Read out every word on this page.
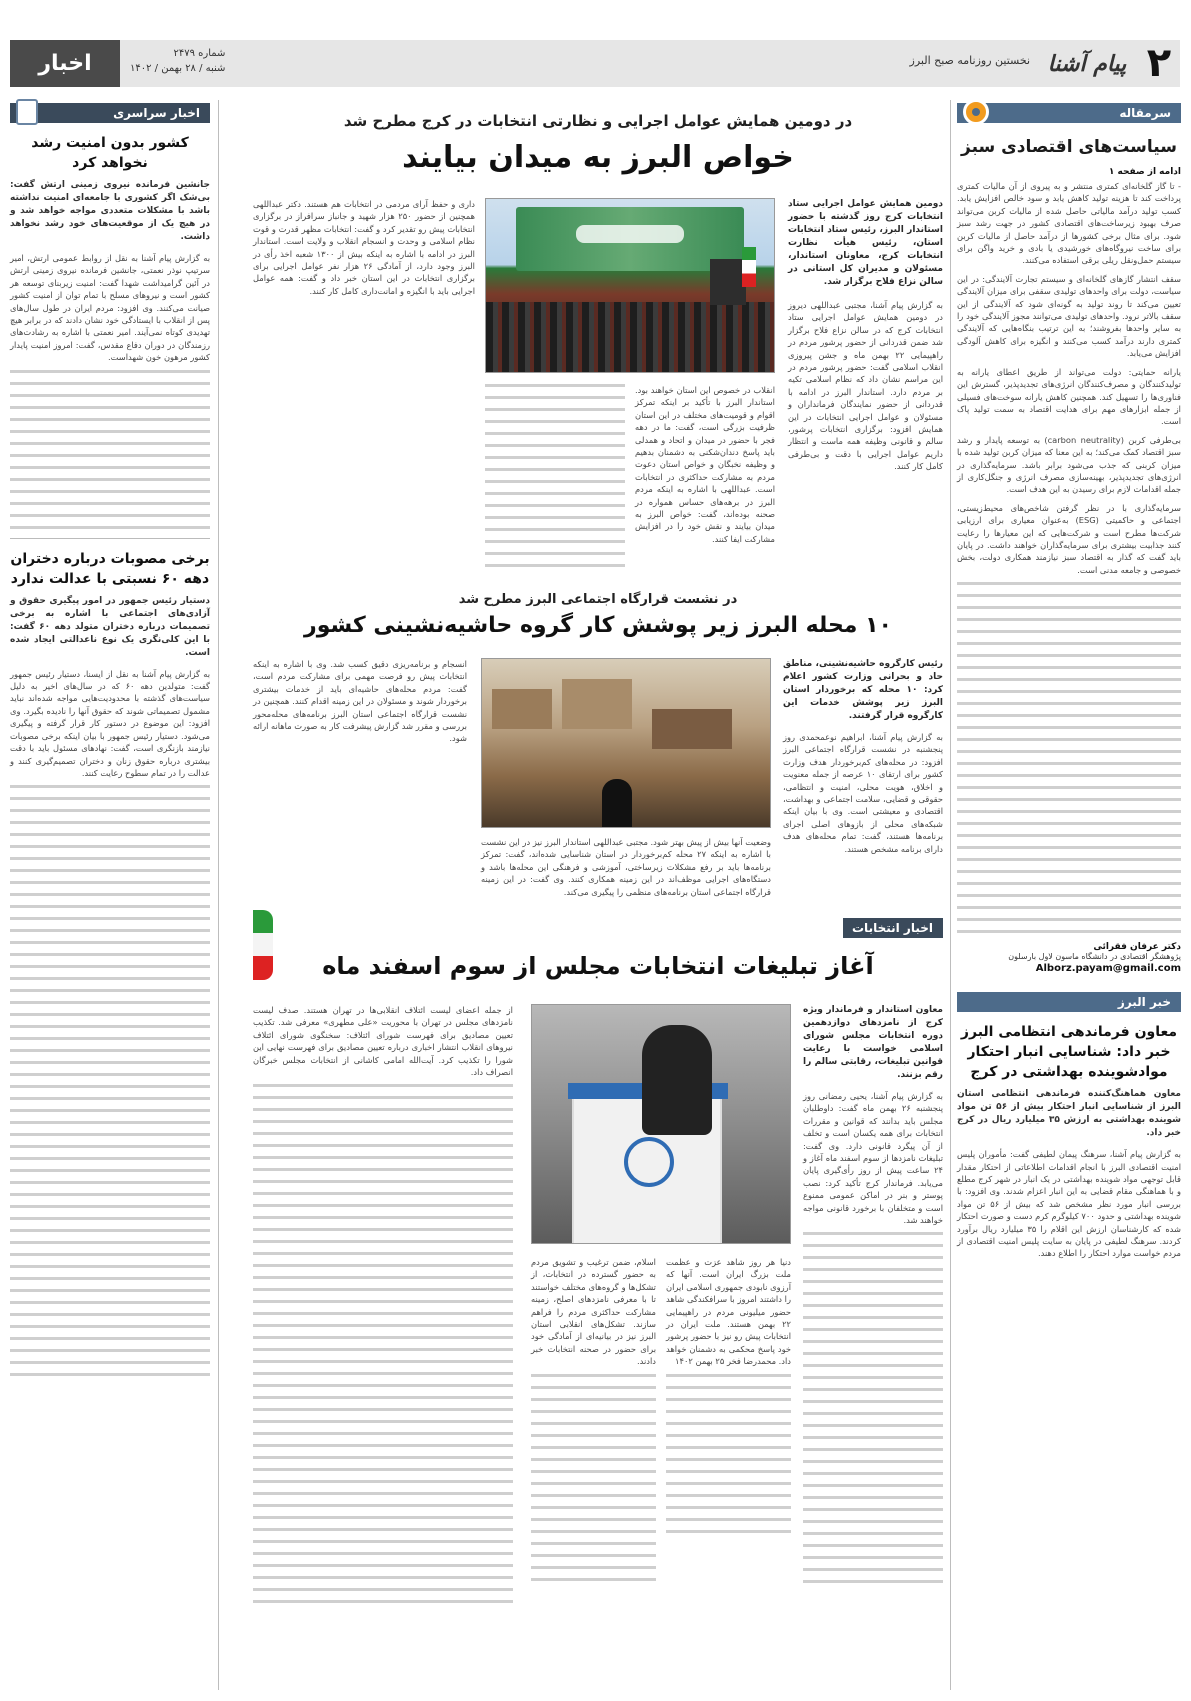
۲
پیام آشنا
نخستین روزنامه صبح البرز
شماره ۲۴۷۹
شنبه / ۲۸ بهمن / ۱۴۰۲
اخبار
سرمقاله
سیاست‌های اقتصادی سبز
ادامه از صفحه ۱

- تا گاز گلخانه‌ای کمتری منتشر و به پیروی از آن مالیات کمتری پرداخت کند تا هزینه تولید کاهش یابد و سود خالص افزایش یابد. کسب تولید درآمد مالیاتی حاصل شده از مالیات کربن می‌تواند صرف بهبود زیرساخت‌های اقتصادی کشور در جهت رشد سبز شود. برای مثال برخی کشورها از درآمد حاصل از مالیات کربن برای ساخت نیروگاه‌های خورشیدی یا بادی و خرید واگن برای سیستم حمل‌ونقل ریلی برقی استفاده می‌کنند.

سقف انتشار گازهای گلخانه‌ای و سیستم تجارت آلایندگی: در این سیاست، دولت برای واحدهای تولیدی سقفی برای میزان آلایندگی تعیین می‌کند تا روند تولید به گونه‌ای شود که آلایندگی از این سقف بالاتر نرود. واحدهای تولیدی می‌توانند مجوز آلایندگی خود را به سایر واحدها بفروشند؛ به این ترتیب بنگاه‌هایی که آلایندگی کمتری دارند درآمد کسب می‌کنند و انگیزه برای کاهش آلودگی افزایش می‌یابد.

یارانه حمایتی: دولت می‌تواند از طریق اعطای یارانه به تولیدکنندگان و مصرف‌کنندگان انرژی‌های تجدیدپذیر، گسترش این فناوری‌ها را تسهیل کند. همچنین کاهش یارانه سوخت‌های فسیلی از جمله ابزارهای مهم برای هدایت اقتصاد به سمت تولید پاک است.

بی‌طرفی کربن (carbon neutrality) به توسعه پایدار و رشد سبز اقتصاد کمک می‌کند؛ به این معنا که میزان کربن تولید شده با میزان کربنی که جذب می‌شود برابر باشد. سرمایه‌گذاری در انرژی‌های تجدیدپذیر، بهینه‌سازی مصرف انرژی و جنگل‌کاری از جمله اقدامات لازم برای رسیدن به این هدف است.

سرمایه‌گذاری با در نظر گرفتن شاخص‌های محیط‌زیستی، اجتماعی و حاکمیتی (ESG) به‌عنوان معیاری برای ارزیابی شرکت‌ها مطرح است و شرکت‌هایی که این معیارها را رعایت کنند جذابیت بیشتری برای سرمایه‌گذاران خواهند داشت. در پایان باید گفت که گذار به اقتصاد سبز نیازمند همکاری دولت، بخش خصوصی و جامعه مدنی است.

دکتر عرفان فقرائی
پژوهشگر اقتصادی در دانشگاه ماسون لاول بارسلون
Alborz.payam@gmail.com
خبر البرز
معاون فرماندهی انتظامی البرز خبر داد: شناسایی انبار احتکار موادشوینده بهداشتی در کرج

معاون هماهنگ‌کننده فرماندهی انتظامی استان البرز از شناسایی انبار احتکار بیش از ۵۶ تن مواد شوینده بهداشتی به ارزش ۳۵ میلیارد ریال در کرج خبر داد.

به گزارش پیام آشنا، سرهنگ پیمان لطیفی گفت: مأموران پلیس امنیت اقتصادی البرز با انجام اقدامات اطلاعاتی از احتکار مقدار قابل توجهی مواد شوینده بهداشتی در یک انبار در شهر کرج مطلع و با هماهنگی مقام قضایی به این انبار اعزام شدند. وی افزود: با بررسی انبار مورد نظر مشخص شد که بیش از ۵۶ تن مواد شوینده بهداشتی و حدود ۷۰۰ کیلوگرم کرم دست و صورت احتکار شده که کارشناسان ارزش این اقلام را ۳۵ میلیارد ریال برآورد کردند. سرهنگ لطیفی در پایان به سایت پلیس امنیت اقتصادی از مردم خواست موارد احتکار را اطلاع دهند.

در دومین همایش عوامل اجرایی و نظارتی انتخابات در کرج مطرح شد
خواص البرز به میدان بیایند

دومین همایش عوامل اجرایی ستاد انتخابات کرج روز گذشته با حضور استاندار البرز، رئیس ستاد انتخابات استان، رئیس هیأت نظارت انتخابات کرج، معاونان استاندار، مسئولان و مدیران کل استانی در سالن نزاع فلاح برگزار شد.

به گزارش پیام آشنا، مجتبی عبداللهی دیروز در دومین همایش عوامل اجرایی ستاد انتخابات کرج که در سالن نزاع فلاح برگزار شد ضمن قدردانی از حضور پرشور مردم در راهپیمایی ۲۲ بهمن ماه و جشن پیروزی انقلاب اسلامی گفت: حضور پرشور مردم در این مراسم نشان داد که نظام اسلامی تکیه بر مردم دارد. استاندار البرز در ادامه با قدردانی از حضور نمایندگان فرمانداران و مسئولان و عوامل اجرایی انتخابات در این همایش افزود: برگزاری انتخابات پرشور، سالم و قانونی وظیفه همه ماست و انتظار داریم عوامل اجرایی با دقت و بی‌طرفی کامل کار کنند.

انقلاب در خصوص این استان خواهند بود. استاندار البرز با تأکید بر اینکه تمرکز اقوام و قومیت‌های مختلف در این استان ظرفیت بزرگی است، گفت: ما در دهه فجر با حضور در میدان و اتحاد و همدلی باید پاسخ دندان‌شکنی به دشمنان بدهیم و وظیفه نخبگان و خواص استان دعوت مردم به مشارکت حداکثری در انتخابات است. عبداللهی با اشاره به اینکه مردم البرز در برهه‌های حساس همواره در صحنه بوده‌اند، گفت: خواص البرز به میدان بیایند و نقش خود را در افزایش مشارکت ایفا کنند.

داری و حفظ آرای مردمی در انتخابات هم هستند. دکتر عبداللهی همچنین از حضور ۲۵۰ هزار شهید و جانباز سرافراز در برگزاری انتخابات پیش رو تقدیر کرد و گفت: انتخابات مظهر قدرت و قوت نظام اسلامی و وحدت و انسجام انقلاب و ولایت است. استاندار البرز در ادامه با اشاره به اینکه بیش از ۱۳۰۰ شعبه اخذ رأی در البرز وجود دارد، از آمادگی ۲۶ هزار نفر عوامل اجرایی برای برگزاری انتخابات در این استان خبر داد و گفت: همه عوامل اجرایی باید با انگیزه و امانت‌داری کامل کار کنند.

اخبار سراسری
کشور بدون امنیت رشد نخواهد کرد

جانشین فرمانده نیروی زمینی ارتش گفت: بی‌شک اگر کشوری با جامعه‌ای امنیت نداشته باشد با مشکلات متعددی مواجه خواهد شد و در هیچ یک از موقعیت‌های خود رشد نخواهد داشت.

به گزارش پیام آشنا به نقل از روابط عمومی ارتش، امیر سرتیپ نوذر نعمتی، جانشین فرمانده نیروی زمینی ارتش در آئین گرامیداشت شهدا گفت: امنیت زیربنای توسعه هر کشور است و نیروهای مسلح با تمام توان از امنیت کشور صیانت می‌کنند. وی افزود: مردم ایران در طول سال‌های پس از انقلاب با ایستادگی خود نشان دادند که در برابر هیچ تهدیدی کوتاه نمی‌آیند. امیر نعمتی با اشاره به رشادت‌های رزمندگان در دوران دفاع مقدس، گفت: امروز امنیت پایدار کشور مرهون خون شهداست.

برخی مصوبات درباره دختران دهه ۶۰ نسبتی با عدالت ندارد

دستیار رئیس جمهور در امور پیگیری حقوق و آزادی‌های اجتماعی با اشاره به برخی تصمیمات درباره دختران متولد دهه ۶۰ گفت: با این کلی‌نگری یک نوع ناعدالتی ایجاد شده است.

به گزارش پیام آشنا به نقل از ایسنا، دستیار رئیس جمهور گفت: متولدین دهه ۶۰ که در سال‌های اخیر به دلیل سیاست‌های گذشته با محدودیت‌هایی مواجه شده‌اند نباید مشمول تصمیماتی شوند که حقوق آنها را نادیده بگیرد. وی افزود: این موضوع در دستور کار قرار گرفته و پیگیری می‌شود. دستیار رئیس جمهور با بیان اینکه برخی مصوبات نیازمند بازنگری است، گفت: نهادهای مسئول باید با دقت بیشتری درباره حقوق زنان و دختران تصمیم‌گیری کنند و عدالت را در تمام سطوح رعایت کنند.

در نشست قرارگاه اجتماعی البرز مطرح شد
۱۰ محله البرز زیر پوشش کار گروه حاشیه‌نشینی کشور

رئیس کارگروه حاشیه‌نشینی، مناطق حاد و بحرانی وزارت کشور اعلام کرد: ۱۰ محله که برخوردار استان البرز زیر پوشش خدمات این کارگروه قرار گرفتند.

به گزارش پیام آشنا، ابراهیم نوعمحمدی روز پنجشنبه در نشست قرارگاه اجتماعی البرز افزود: در محله‌های کم‌برخوردار هدف وزارت کشور برای ارتقای ۱۰ عرصه از جمله معنویت و اخلاق، هویت محلی، امنیت و انتظامی، حقوقی و قضایی، سلامت اجتماعی و بهداشت، اقتصادی و معیشتی است. وی با بیان اینکه شبکه‌های محلی از بازوهای اصلی اجرای برنامه‌ها هستند، گفت: تمام محله‌های هدف دارای برنامه مشخص هستند.

وضعیت آنها بیش از پیش بهتر شود. مجتبی عبداللهی استاندار البرز نیز در این نشست با اشاره به اینکه ۲۷ محله کم‌برخوردار در استان شناسایی شده‌اند، گفت: تمرکز برنامه‌ها باید بر رفع مشکلات زیرساختی، آموزشی و فرهنگی این محله‌ها باشد و دستگاه‌های اجرایی موظف‌اند در این زمینه همکاری کنند. وی گفت: در این زمینه قرارگاه اجتماعی استان برنامه‌های منظمی را پیگیری می‌کند.

انسجام و برنامه‌ریزی دقیق کسب شد. وی با اشاره به اینکه انتخابات پیش رو فرصت مهمی برای مشارکت مردم است، گفت: مردم محله‌های حاشیه‌ای باید از خدمات بیشتری برخوردار شوند و مسئولان در این زمینه اقدام کنند. همچنین در نشست قرارگاه اجتماعی استان البرز برنامه‌های محله‌محور بررسی و مقرر شد گزارش پیشرفت کار به صورت ماهانه ارائه شود.

اخبار انتخابات
آغاز تبلیغات انتخابات مجلس از سوم اسفند ماه

معاون استاندار و فرماندار ویژه کرج از نامزدهای دوازدهمین دوره انتخابات مجلس شورای اسلامی خواست با رعایت قوانین تبلیغات، رقابتی سالم را رقم بزنند.

به گزارش پیام آشنا، یحیی رمضانی روز پنجشنبه ۲۶ بهمن ماه گفت: داوطلبان مجلس باید بدانند که قوانین و مقررات انتخابات برای همه یکسان است و تخلف از آن پیگرد قانونی دارد. وی گفت: تبلیغات نامزدها از سوم اسفند ماه آغاز و ۲۴ ساعت پیش از روز رأی‌گیری پایان می‌یابد. فرماندار کرج تأکید کرد: نصب پوستر و بنر در اماکن عمومی ممنوع است و متخلفان با برخورد قانونی مواجه خواهند شد.

دنیا هر روز شاهد عزت و عظمت ملت بزرگ ایران است. آنها که آرزوی نابودی جمهوری اسلامی ایران را داشتند امروز با سرافکندگی شاهد حضور میلیونی مردم در راهپیمایی ۲۲ بهمن هستند. ملت ایران در انتخابات پیش رو نیز با حضور پرشور خود پاسخ محکمی به دشمنان خواهد داد. محمدرضا فخر ۲۵ بهمن ۱۴۰۲

اسلام، ضمن ترغیب و تشویق مردم به حضور گسترده در انتخابات، از تشکل‌ها و گروه‌های مختلف خواستند تا با معرفی نامزدهای اصلح، زمینه مشارکت حداکثری مردم را فراهم سازند. تشکل‌های انقلابی استان البرز نیز در بیانیه‌ای از آمادگی خود برای حضور در صحنه انتخابات خبر دادند.

از جمله اعضای لیست ائتلاف انقلابی‌ها در تهران هستند. صدف لیست نامزدهای مجلس در تهران با محوریت «علی مطهری» معرفی شد. تکذیب تعیین مصادیق برای فهرست شورای ائتلاف: سخنگوی شورای ائتلاف نیروهای انقلاب انتشار اخباری درباره تعیین مصادیق برای فهرست نهایی این شورا را تکذیب کرد. آیت‌الله امامی کاشانی از انتخابات مجلس خبرگان انصراف داد.
